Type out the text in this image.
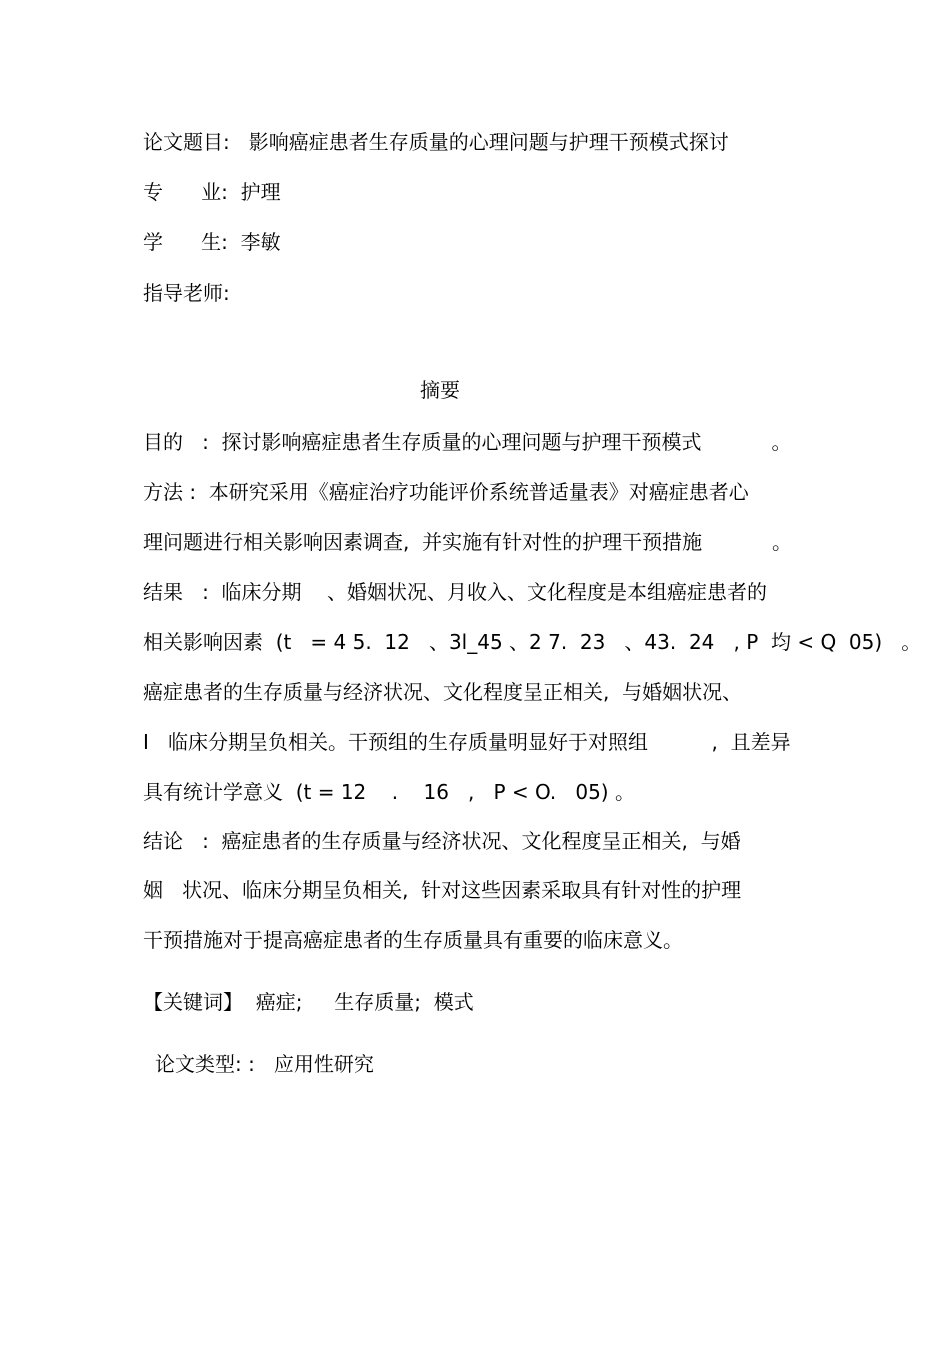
论文题目:   影响癌症患者生存质量的心理问题与护理干预模式探讨
专      业:  护理
学      生:  李敏
指导老师:
摘要
目的   :  探讨影响癌症患者生存质量的心理问题与护理干预模式           。
方法 :  本研究采用《癌症治疗功能评价系统普适量表》对癌症患者心
理问题进行相关影响因素调查,  并实施有针对性的护理干预措施           。
结果   :  临床分期    、婚姻状况、月收入、文化程度是本组癌症患者的
相关影响因素  (t   = 4 5.  12   、3l_45 、2 7.  23   、43.  24   , P  均 < Q  05)   。
癌症患者的生存质量与经济状况、文化程度呈正相关,  与婚姻状况、
I   临床分期呈负相关。干预组的生存质量明显好于对照组          ,  且差异
具有统计学意义  (t = 12    .    16   ,   P < O.   05) 。
结论   :  癌症患者的生存质量与经济状况、文化程度呈正相关,  与婚
姻   状况、临床分期呈负相关,  针对这些因素采取具有针对性的护理
干预措施对于提高癌症患者的生存质量具有重要的临床意义。
【关键词】  癌症;     生存质量;  模式
论文类型: :   应用性研究
